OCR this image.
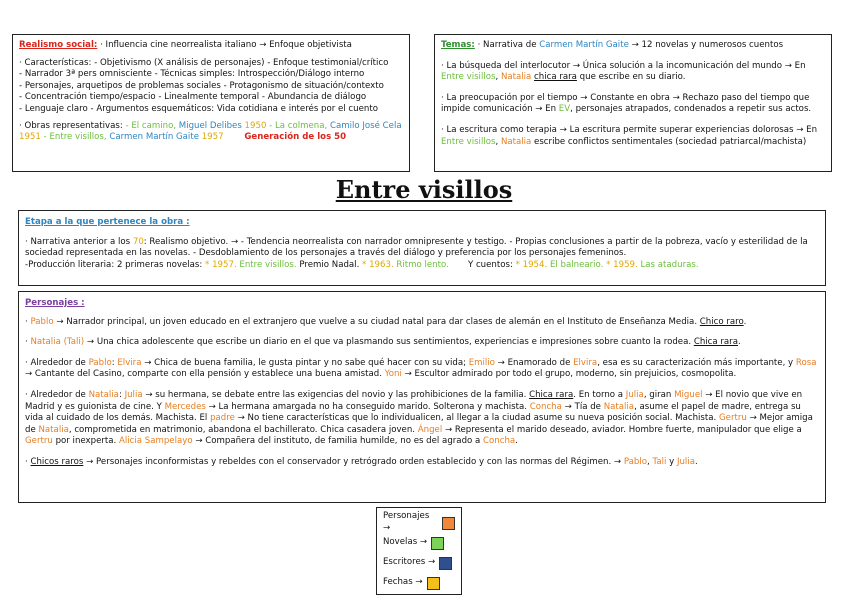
Realismo social: · Influencia cine neorrealista italiano → Enfoque objetivista

· Características: - Objetivismo (X análisis de personajes) - Enfoque testimonial/crítico
- Narrador 3ª pers omnisciente - Técnicas simples: Introspección/Diálogo interno
- Personajes, arquetipos de problemas sociales - Protagonismo de situación/contexto
- Concentración tiempo/espacio - Linealmente temporal - Abundancia de diálogo
- Lenguaje claro - Argumentos esquemáticos: Vida cotidiana e interés por el cuento

· Obras representativas: - El camino, Miguel Delibes 1950 - La colmena, Camilo José Cela 1951 - Entre visillos, Carmen Martín Gaite 1957 Generación de los 50

Temas: · Narrativa de Carmen Martín Gaite → 12 novelas y numerosos cuentos

· La búsqueda del interlocutor → Única solución a la incomunicación del mundo → En Entre visillos, Natalia chica rara que escribe en su diario.

· La preocupación por el tiempo → Constante en obra → Rechazo paso del tiempo que impide comunicación → En EV, personajes atrapados, condenados a repetir sus actos.

· La escritura como terapia → La escritura permite superar experiencias dolorosas → En Entre visillos, Natalia escribe conflictos sentimentales (sociedad patriarcal/machista)

Entre visillos

Etapa a la que pertenece la obra :

· Narrativa anterior a los 70: Realismo objetivo. → - Tendencia neorrealista con narrador omnipresente y testigo. - Propias conclusiones a partir de la pobreza, vacío y esterilidad de la sociedad representada en las novelas. - Desdoblamiento de los personajes a través del diálogo y preferencia por los personajes femeninos.

-Producción literaria: 2 primeras novelas: * 1957. Entre visillos. Premio Nadal. * 1963. Ritmo lento.       Y cuentos: * 1954. El balneario. * 1959. Las ataduras.

Personajes :

· Pablo → Narrador principal, un joven educado en el extranjero que vuelve a su ciudad natal para dar clases de alemán en el Instituto de Enseñanza Media. Chico raro.

· Natalia (Tali) → Una chica adolescente que escribe un diario en el que va plasmando sus sentimientos, experiencias e impresiones sobre cuanto la rodea. Chica rara.

· Alrededor de Pablo: Elvira → Chica de buena familia, le gusta pintar y no sabe qué hacer con su vida; Emilio → Enamorado de Elvira, esa es su caracterización más importante, y Rosa → Cantante del Casino, comparte con ella pensión y establece una buena amistad. Yoni → Escultor admirado por todo el grupo, moderno, sin prejuicios, cosmopolita.

· Alrededor de Natalia: Julia → su hermana, se debate entre las exigencias del novio y las prohibiciones de la familia. Chica rara. En torno a Julia, giran Miguel → El novio que vive en Madrid y es guionista de cine. Y Mercedes → La hermana amargada no ha conseguido marido. Solterona y machista. Concha → Tía de Natalia, asume el papel de madre, entrega su vida al cuidado de los demás. Machista. El padre → No tiene características que lo individualicen, al llegar a la ciudad asume su nueva posición social. Machista. Gertru → Mejor amiga de Natalia, comprometida en matrimonio, abandona el bachillerato. Chica casadera joven. Ángel → Representa el marido deseado, aviador. Hombre fuerte, manipulador que elige a Gertru por inexperta. Alicia Sampelayo → Compañera del instituto, de familia humilde, no es del agrado a Concha.

· Chicos raros → Personajes inconformistas y rebeldes con el conservador y retrógrado orden establecido y con las normas del Régimen. → Pablo, Tali y Julia.

Personajes →
Novelas →
Escritores →
Fechas →
